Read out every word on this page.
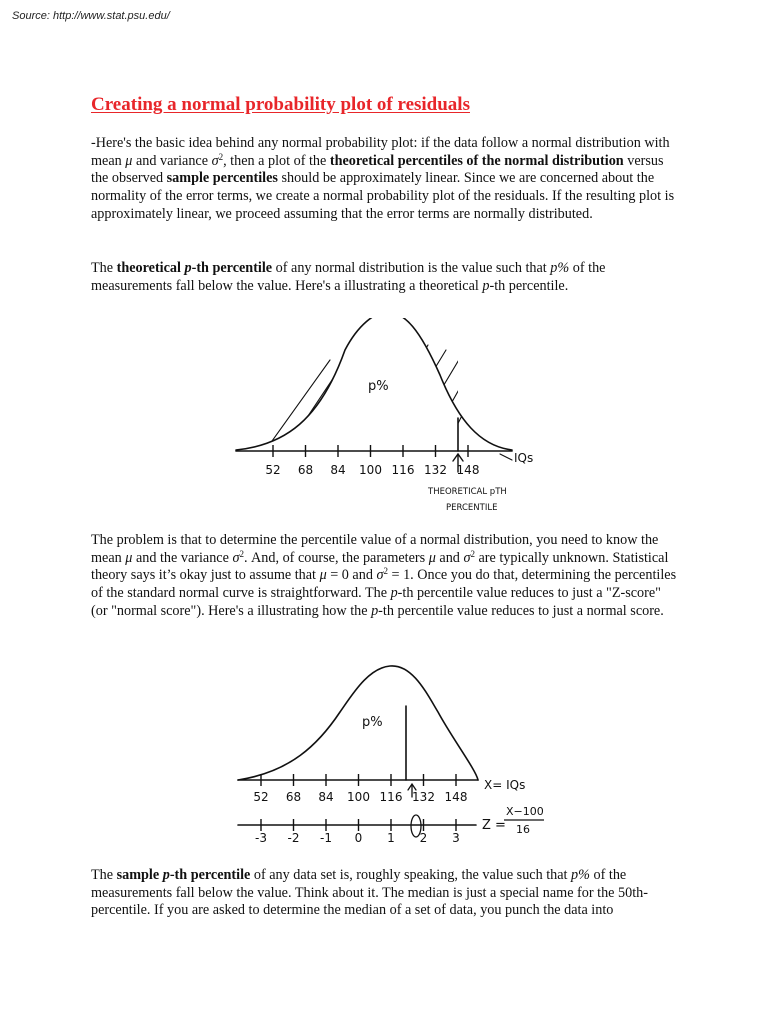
Source: http://www.stat.psu.edu/
Creating a normal probability plot of residuals

-Here's the basic idea behind any normal probability plot: if the data follow a normal distribution with mean μ and variance $\sigma^2$, then a plot of the theoretical percentiles of the normal distribution versus the observed sample percentiles should be approximately linear. Since we are concerned about the normality of the error terms, we create a normal probability plot of the residuals. If the resulting plot is approximately linear, we proceed assuming that the error terms are normally distributed.

The theoretical p-th percentile of any normal distribution is the value such that p% of the measurements fall below the value. Here's a illustrating a theoretical p-th percentile.

52 68 84 100 116 132 148
p%
IQs
THEORETICAL pTH
PERCENTILE

The problem is that to determine the percentile value of a normal distribution, you need to know the mean μ and the variance $\sigma^2$. And, of course, the parameters μ and $\sigma^2$ are typically unknown. Statistical theory says it’s okay just to assume that μ = 0 and $\sigma^2 = 1$. Once you do that, determining the percentiles of the standard normal curve is straightforward. The p-th percentile value reduces to just a "Z-score" (or "normal score"). Here's a illustrating how the p-th percentile value reduces to just a normal score.

52 68 84 100 116 132 148
-3 -2 -1 0 1 2 3
p%
X= IQs
Z =
X−100
16

The sample p-th percentile of any data set is, roughly speaking, the value such that p% of the measurements fall below the value. Think about it. The median is just a special name for the 50th-percentile. If you are asked to determine the median of a set of data, you punch the data into
